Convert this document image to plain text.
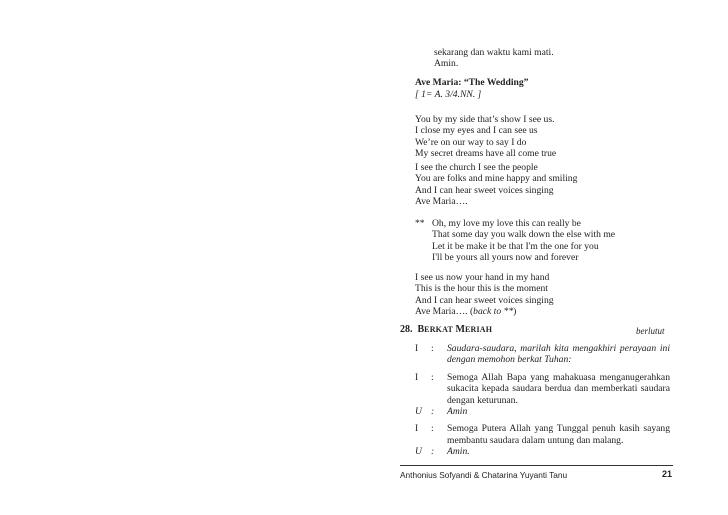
sekarang dan waktu kami mati.
Amin.
Ave Maria: “The Wedding”
[ 1= A. 3/4.NN. ]
You by my side that’s show I see us.
I close my eyes and I can see us
We’re on our way to say I do
My secret dreams have all come true
I see the church I see the people
You are folks and mine happy and smiling
And I can hear sweet voices singing
Ave Maria….
** Oh, my love my love this can really be
That some day you walk down the else with me
Let it be make it be that I'm the one for you
I'll be yours all yours now and forever
I see us now your hand in my hand
This is the hour this is the moment
And I can hear sweet voices singing
Ave Maria…. (back to **)
28. BERKAT MERIAH	berlutut
I	: Saudara-saudara, marilah kita mengakhiri perayaan ini dengan memohon berkat Tuhan:
I	: Semoga Allah Bapa yang mahakuasa menganugerahkan sukacita kepada saudara berdua dan memberkati saudara dengan keturunan.
U : Amin
I	: Semoga Putera Allah yang Tunggal penuh kasih sayang membantu saudara dalam untung dan malang.
U : Amin.
Anthonius Sofyandi & Chatarina Yuyanti Tanu	21
